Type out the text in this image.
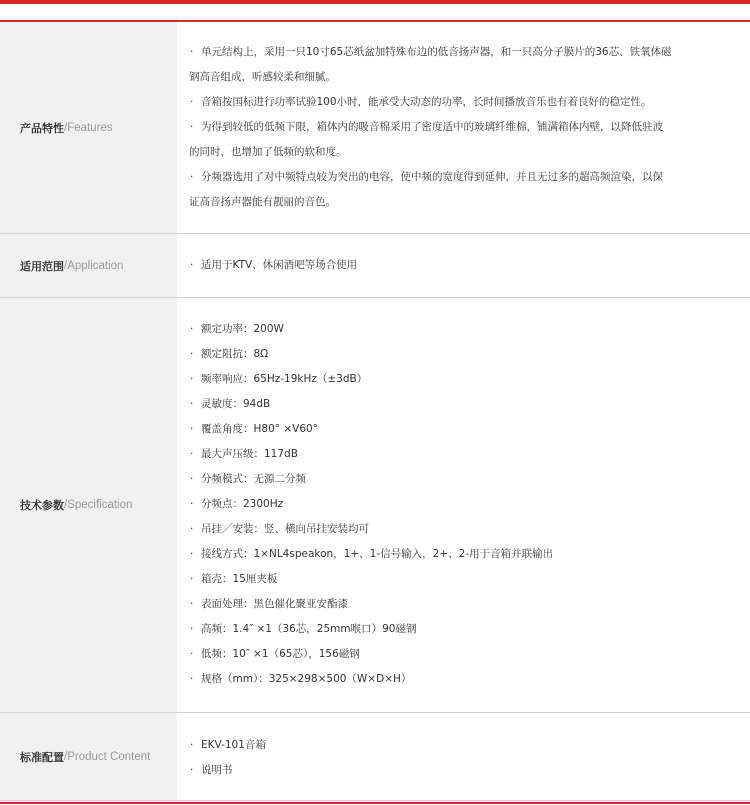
产品特性 /Features
· 单元结构上，采用一只10寸65芯纸盆加特殊布边的低音扬声器，和一只高分子膜片的36芯、铁氧体磁
钢高音组成，听感较柔和细腻。
· 音箱按国标进行功率试验100小时，能承受大动态的功率，长时间播放音乐也有着良好的稳定性。
· 为得到较低的低频下限，箱体内的吸音棉采用了密度适中的玻璃纤维棉，铺满箱体内壁，以降低驻波
的同时，也增加了低频的软和度。
· 分频器选用了对中频特点较为突出的电容，使中频的宽度得到延伸，并且无过多的超高频渲染，以保
证高音扬声器能有靓丽的音色。
适用范围 /Application
·	适用于KTV、休闲酒吧等场合使用
技术参数 /Specification
· 额定功率：200W
· 额定阻抗：8Ω
· 频率响应：65Hz-19kHz（±3dB）
· 灵敏度：94dB
· 覆盖角度：H80° ×V60°
· 最大声压级：117dB
· 分频模式：无源二分频
· 分频点：2300Hz
· 吊挂／安装：竖、横向吊挂安装均可
· 接线方式：1×NL4speakon，1+、1-信号输入，2+、2-用于音箱并联输出
· 箱壳：15厘夹板
· 表面处理：黑色催化聚亚安酯漆
· 高频：1.4″ ×1（36芯，25mm喉口）90磁钢
· 低频：10″ ×1（65芯），156磁钢
· 规格（mm）：325×298×500（W×D×H）
标准配置 /Product Content
· EKV-101音箱
· 说明书
